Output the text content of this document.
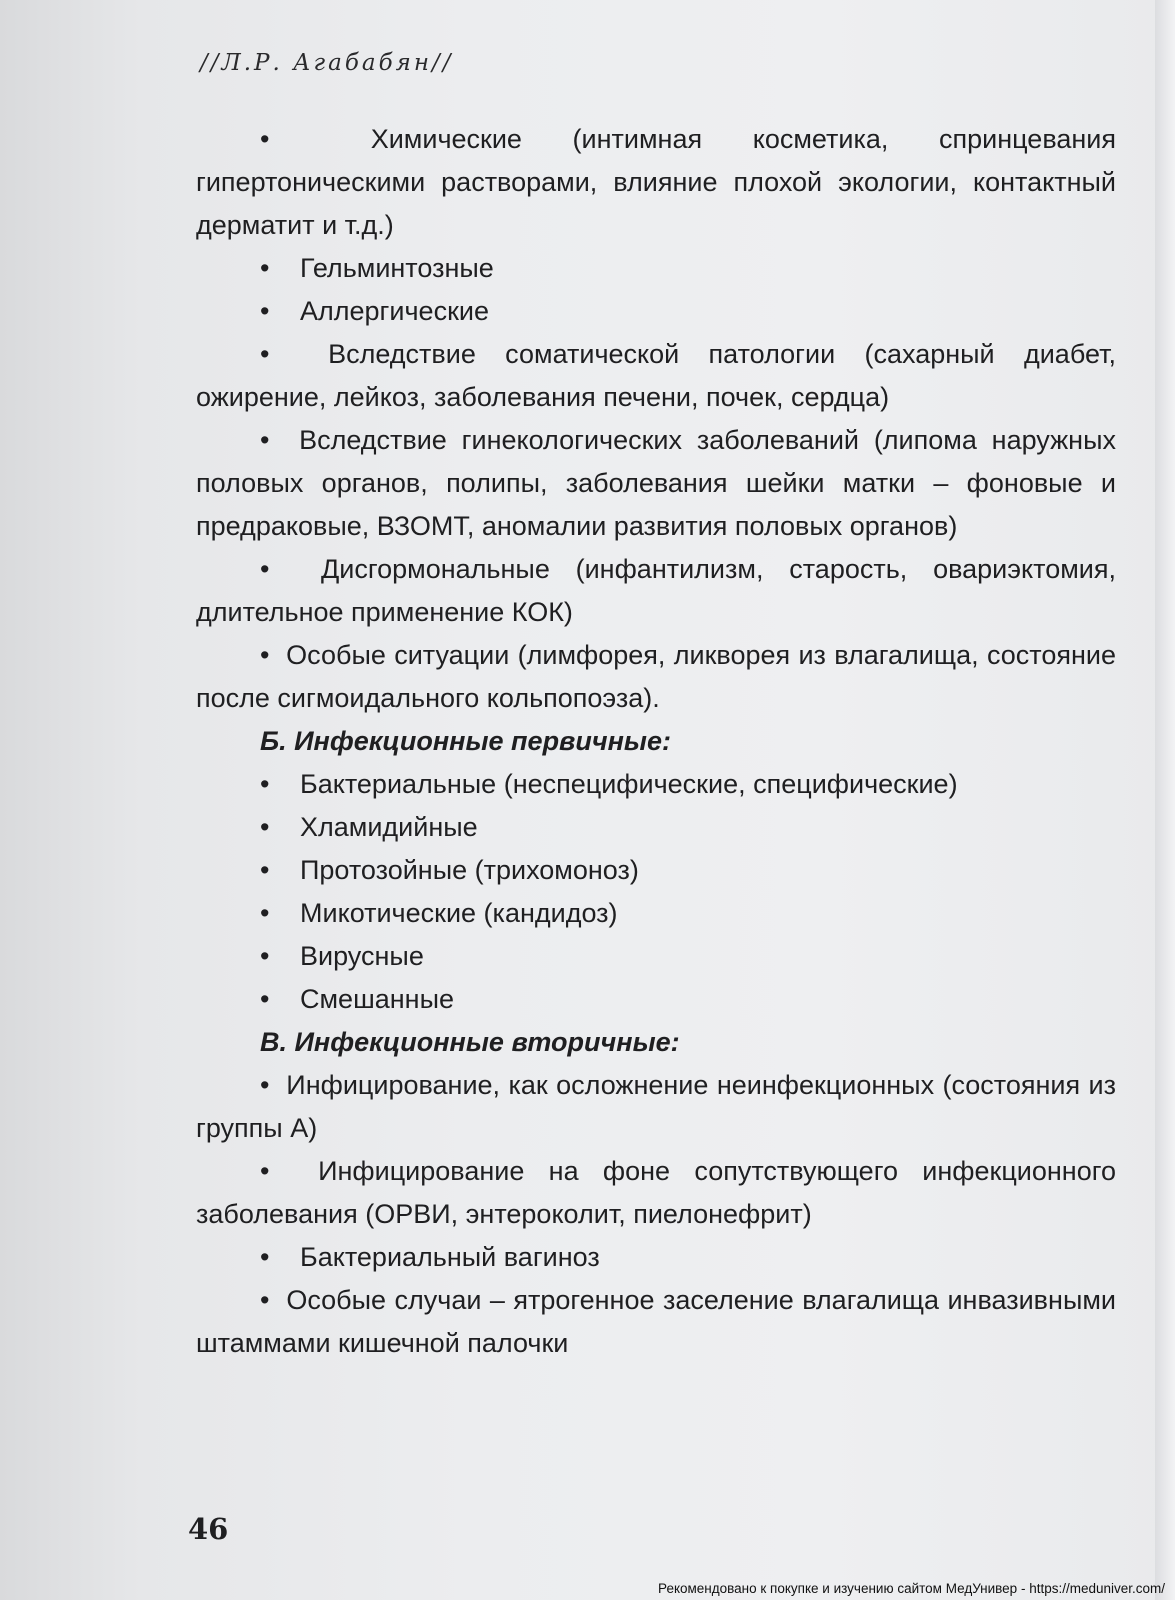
//Л.Р. Агабабян//

•  Химические (интимная косметика, спринцевания гипертоническими растворами, влияние плохой экологии, контактный дерматит и т.д.)

•Гельминтозные

•Аллергические

•  Вследствие соматической патологии (сахарный диабет, ожирение, лейкоз, заболевания печени, почек, сердца)

•  Вследствие гинекологических заболеваний (липома наружных половых органов, полипы, заболевания шейки матки – фоновые и предраковые, ВЗОМТ, аномалии развития половых органов)

•  Дисгормональные (инфантилизм, старость, овариэктомия, длительное применение КОК)

•  Особые ситуации (лимфорея, ликворея из влагалища, состояние после сигмоидального кольпопоэза).

Б. Инфекционные первичные:

•Бактериальные (неспецифические, специфические)

•Хламидийные

•Протозойные (трихомоноз)

•Микотические (кандидоз)

•Вирусные

•Смешанные

В. Инфекционные вторичные:

•  Инфицирование, как осложнение неинфекционных (состояния из группы А)

•  Инфицирование на фоне сопутствующего инфекционного заболевания (ОРВИ, энтероколит, пиелонефрит)

•Бактериальный вагиноз

•  Особые случаи – ятрогенное заселение влагалища инвазивными штаммами кишечной палочки

46
Рекомендовано к покупке и изучению сайтом МедУнивер - https://meduniver.com/
